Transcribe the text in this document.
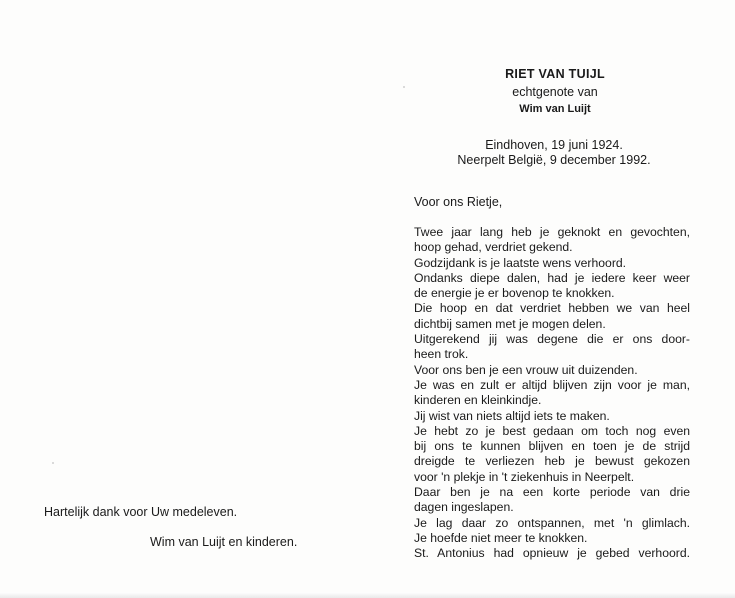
RIET VAN TUIJL
echtgenote van
Wim van Luijt
Eindhoven, 19 juni 1924.
Neerpelt België, 9 december 1992.
Voor ons Rietje,
Twee jaar lang heb je geknokt en gevochten,
hoop gehad, verdriet gekend.
Godzijdank is je laatste wens verhoord.
Ondanks diepe dalen, had je iedere keer weer
de energie je er bovenop te knokken.
Die hoop en dat verdriet hebben we van heel
dichtbij samen met je mogen delen.
Uitgerekend jij was degene die er ons door-
heen trok.
Voor ons ben je een vrouw uit duizenden.
Je was en zult er altijd blijven zijn voor je man,
kinderen en kleinkindje.
Jij wist van niets altijd iets te maken.
Je hebt zo je best gedaan om toch nog even
bij ons te kunnen blijven en toen je de strijd
dreigde te verliezen heb je bewust gekozen
voor 'n plekje in 't ziekenhuis in Neerpelt.
Daar ben je na een korte periode van drie
dagen ingeslapen.
Je lag daar zo ontspannen, met 'n glimlach.
Je hoefde niet meer te knokken.
St. Antonius had opnieuw je gebed verhoord.
Hartelijk dank voor Uw medeleven.
Wim van Luijt en kinderen.
